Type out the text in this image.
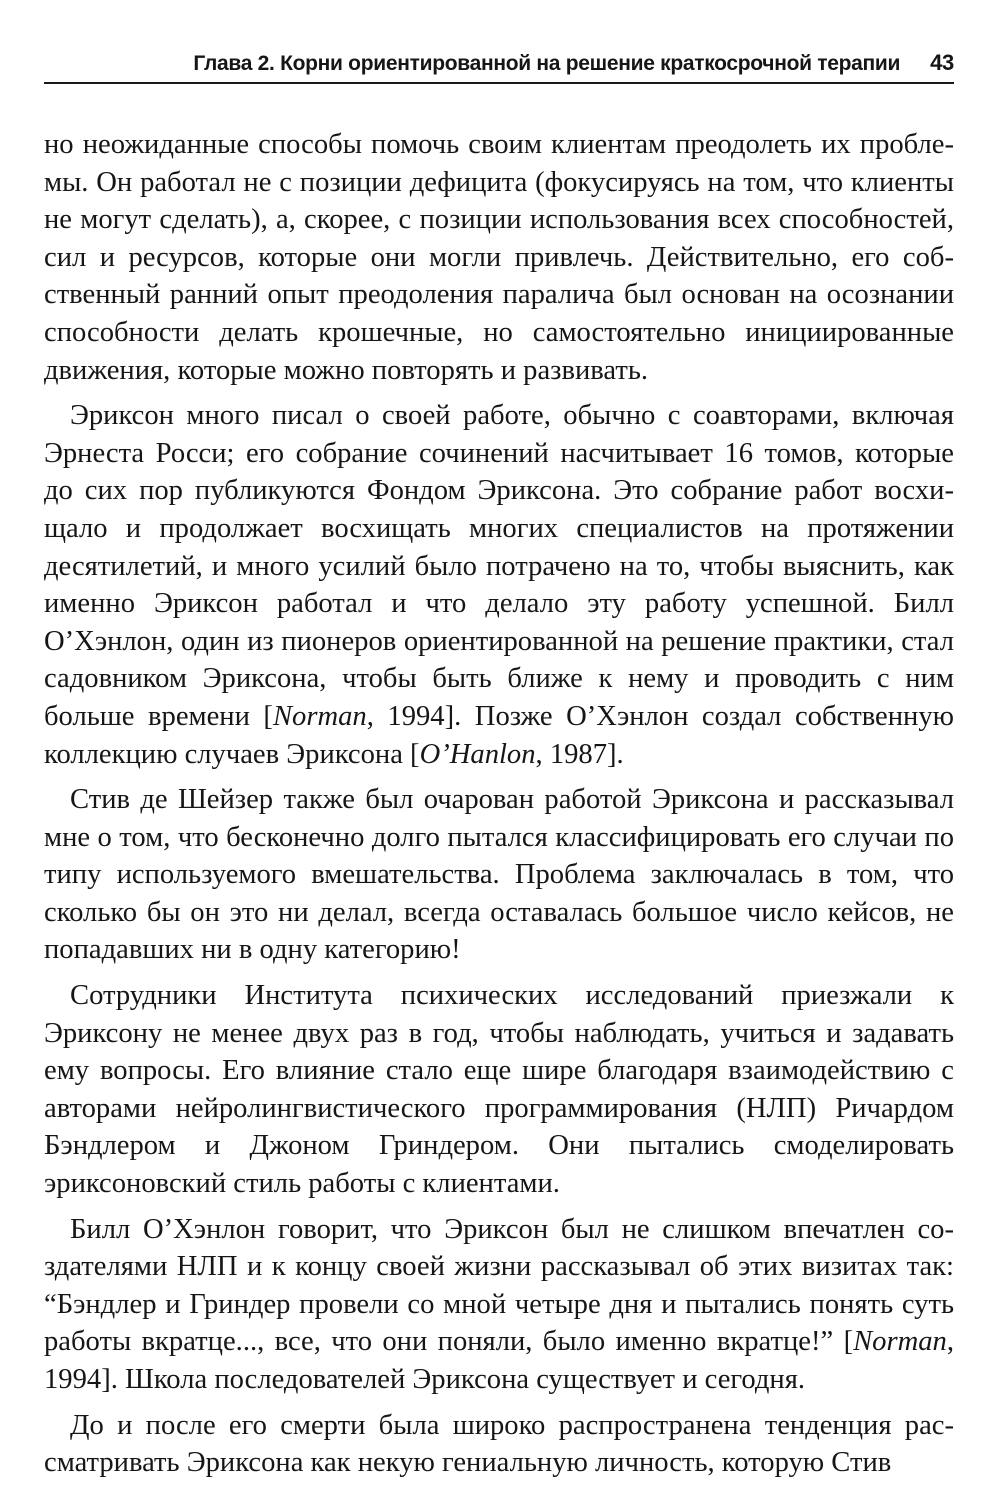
Глава 2. Корни ориентированной на решение краткосрочной терапии 43

но неожиданные способы помочь своим клиентам преодолеть их проблемы. Он работал не с позиции дефицита (фокусируясь на том, что клиенты не могут сделать), а, скорее, с позиции использования всех способностей, сил и ресурсов, которые они могли привлечь. Действительно, его собственный ранний опыт преодоления паралича был основан на осознании способности делать крошечные, но самостоятельно инициированные движения, которые можно повторять и развивать.

Эриксон много писал о своей работе, обычно с соавторами, включая Эрнеста Росси; его собрание сочинений насчитывает 16 томов, которые до сих пор публикуются Фондом Эриксона. Это собрание работ восхищало и продолжает восхищать многих специалистов на протяжении десятилетий, и много усилий было потрачено на то, чтобы выяснить, как именно Эриксон работал и что делало эту работу успешной. Билл О’Хэнлон, один из пионеров ориентированной на решение практики, стал садовником Эриксона, чтобы быть ближе к нему и проводить с ним больше времени [Norman, 1994]. Позже О’Хэнлон создал собственную коллекцию случаев Эриксона [O’Hanlon, 1987].

Стив де Шейзер также был очарован работой Эриксона и рассказывал мне о том, что бесконечно долго пытался классифицировать его случаи по типу используемого вмешательства. Проблема заключалась в том, что сколько бы он это ни делал, всегда оставалась большое число кейсов, не попадавших ни в одну категорию!

Сотрудники Института психических исследований приезжали к Эриксону не менее двух раз в год, чтобы наблюдать, учиться и задавать ему вопросы. Его влияние стало еще шире благодаря взаимодействию с авторами нейролингвистического программирования (НЛП) Ричардом Бэндлером и Джоном Гриндером. Они пытались смоделировать эриксоновский стиль работы с клиентами.

Билл О’Хэнлон говорит, что Эриксон был не слишком впечатлен создателями НЛП и к концу своей жизни рассказывал об этих визитах так: “Бэндлер и Гриндер провели со мной четыре дня и пытались понять суть работы вкратце..., все, что они поняли, было именно вкратце!” [Norman, 1994]. Школа последователей Эриксона существует и сегодня.

До и после его смерти была широко распространена тенденция рассматривать Эриксона как некую гениальную личность, которую Стив
